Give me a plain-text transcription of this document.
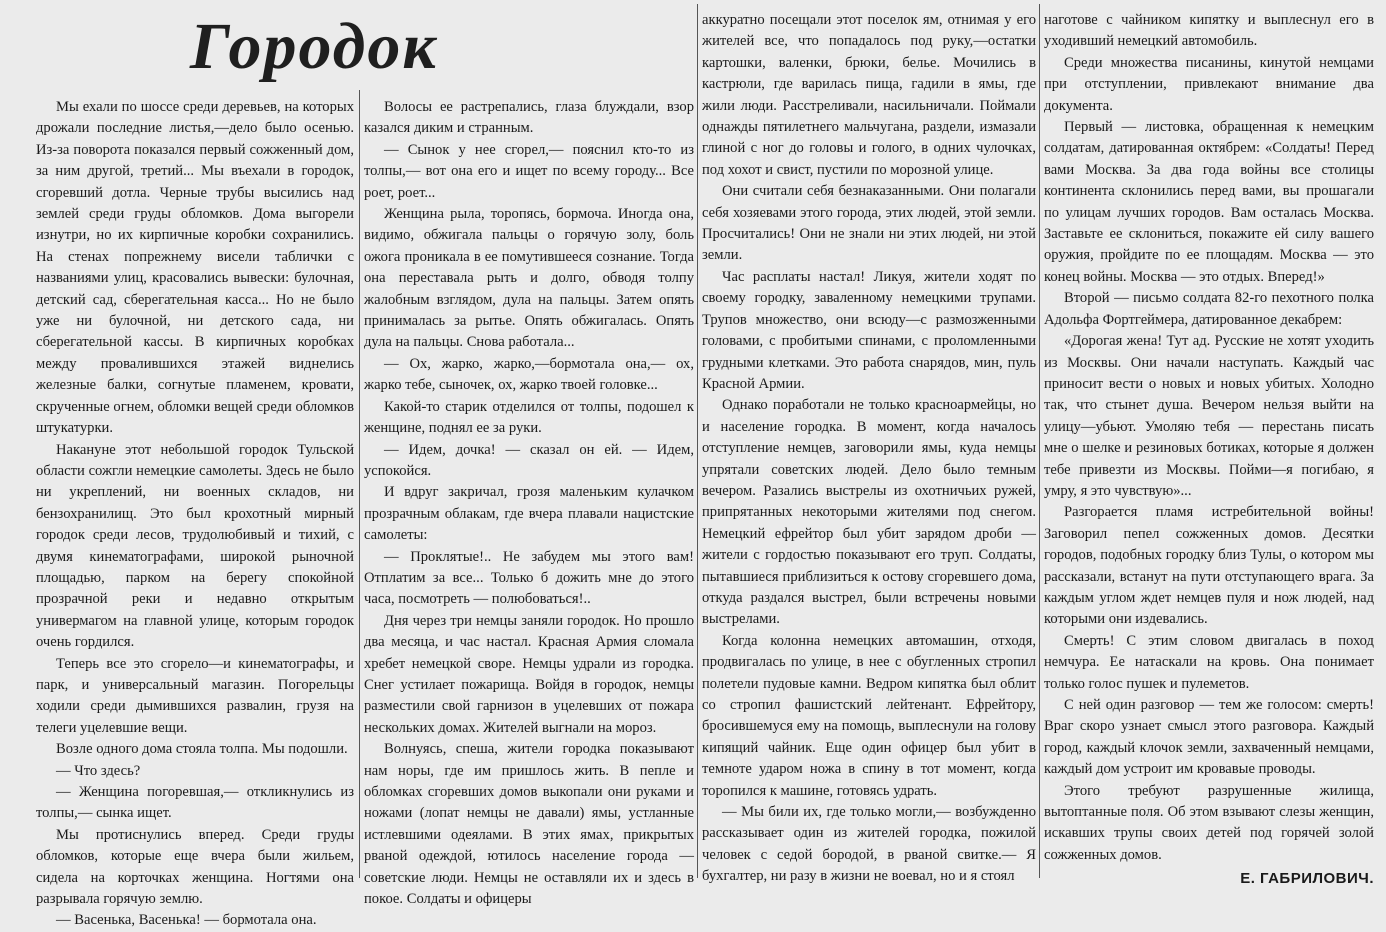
Городок

Мы ехали по шоссе среди деревьев, на которых дрожали последние листья,—дело было осенью. Из-за поворота показался первый сожженный дом, за ним другой, третий... Мы въехали в городок, сгоревший дотла. Черные трубы высились над землей среди груды обломков. Дома выгорели изнутри, но их кирпичные коробки сохранились. На стенах попрежнему висели таблички с названиями улиц, красовались вывески: булочная, детский сад, сберегательная касса... Но не было уже ни булочной, ни детского сада, ни сберегательной кассы. В кирпичных коробках между провалившихся этажей виднелись железные балки, согнутые пламенем, кровати, скрученные огнем, обломки вещей среди обломков штукатурки.

Накануне этот небольшой городок Тульской области сожгли немецкие самолеты. Здесь не было ни укреплений, ни военных складов, ни бензохранилищ. Это был крохотный мирный городок среди лесов, трудолюбивый и тихий, с двумя кинематографами, широкой рыночной площадью, парком на берегу спокойной прозрачной реки и недавно открытым универмагом на главной улице, которым городок очень гордился.

Теперь все это сгорело—и кинематографы, и парк, и универсальный магазин. Погорельцы ходили среди дымившихся развалин, грузя на телеги уцелевшие вещи.

Возле одного дома стояла толпа. Мы подошли.

— Что здесь?

— Женщина погоревшая,— откликнулись из толпы,— сынка ищет.

Мы протиснулись вперед. Среди груды обломков, которые еще вчера были жильем, сидела на корточках женщина. Ногтями она разрывала горячую землю.

— Васенька, Васенька! — бормотала она.

Волосы ее растрепались, глаза блуждали, взор казался диким и странным.

— Сынок у нее сгорел,— пояснил кто-то из толпы,— вот она его и ищет по всему городу... Все роет, роет...

Женщина рыла, торопясь, бормоча. Иногда она, видимо, обжигала пальцы о горячую золу, боль ожога проникала в ее помутившееся сознание. Тогда она переставала рыть и долго, обводя толпу жалобным взглядом, дула на пальцы. Затем опять принималась за рытье. Опять обжигалась. Опять дула на пальцы. Снова работала...

— Ох, жарко, жарко,—бормотала она,— ох, жарко тебе, сыночек, ох, жарко твоей головке...

Какой-то старик отделился от толпы, подошел к женщине, поднял ее за руки.

— Идем, дочка! — сказал он ей. — Идем, успокойся.

И вдруг закричал, грозя маленьким кулачком прозрачным облакам, где вчера плавали нацистские самолеты:

— Проклятые!.. Не забудем мы этого вам! Отплатим за все... Только б дожить мне до этого часа, посмотреть — полюбоваться!..

Дня через три немцы заняли городок. Но прошло два месяца, и час настал. Красная Армия сломала хребет немецкой своре. Немцы удрали из городка. Снег устилает пожарища. Войдя в городок, немцы разместили свой гарнизон в уцелевших от пожара нескольких домах. Жителей выгнали на мороз.

Волнуясь, спеша, жители городка показывают нам норы, где им пришлось жить. В пепле и обломках сгоревших домов выкопали они руками и ножами (лопат немцы не давали) ямы, устланные истлевшими одеялами. В этих ямах, прикрытых рваной одеждой, ютилось население города — советские люди. Немцы не оставляли их и здесь в покое. Солдаты и офицеры

аккуратно посещали этот поселок ям, отнимая у его жителей все, что попадалось под руку,—остатки картошки, валенки, брюки, белье. Мочились в кастрюли, где варилась пища, гадили в ямы, где жили люди. Расстреливали, насильничали. Поймали однажды пятилетнего мальчугана, раздели, измазали глиной с ног до головы и голого, в одних чулочках, под хохот и свист, пустили по морозной улице.

Они считали себя безнаказанными. Они полагали себя хозяевами этого города, этих людей, этой земли. Просчитались! Они не знали ни этих людей, ни этой земли.

Час расплаты настал! Ликуя, жители ходят по своему городку, заваленному немецкими трупами. Трупов множество, они всюду—с размозженными головами, с пробитыми спинами, с проломленными грудными клетками. Это работа снарядов, мин, пуль Красной Армии.

Однако поработали не только красноармейцы, но и население городка. В момент, когда началось отступление немцев, заговорили ямы, куда немцы упрятали советских людей. Дело было темным вечером. Разались выстрелы из охотничьих ружей, припрятанных некоторыми жителями под снегом. Немецкий ефрейтор был убит зарядом дроби — жители с гордостью показывают его труп. Солдаты, пытавшиеся приблизиться к остову сгоревшего дома, откуда раздался выстрел, были встречены новыми выстрелами.

Когда колонна немецких автомашин, отходя, продвигалась по улице, в нее с обугленных стропил полетели пудовые камни. Ведром кипятка был облит со стропил фашистский лейтенант. Ефрейтору, бросившемуся ему на помощь, выплеснули на голову кипящий чайник. Еще один офицер был убит в темноте ударом ножа в спину в тот момент, когда торопился к машине, готовясь удрать.

— Мы били их, где только могли,— возбужденно рассказывает один из жителей городка, пожилой человек с седой бородой, в рваной свитке.— Я бухгалтер, ни разу в жизни не воевал, но и я стоял

наготове с чайником кипятку и выплеснул его в уходивший немецкий автомобиль.

Среди множества писанины, кинутой немцами при отступлении, привлекают внимание два документа.

Первый — листовка, обращенная к немецким солдатам, датированная октябрем: «Солдаты! Перед вами Москва. За два года войны все столицы континента склонились перед вами, вы прошагали по улицам лучших городов. Вам осталась Москва. Заставьте ее склониться, покажите ей силу вашего оружия, пройдите по ее площадям. Москва — это конец войны. Москва — это отдых. Вперед!»

Второй — письмо солдата 82-го пехотного полка Адольфа Фортгеймера, датированное декабрем:

«Дорогая жена! Тут ад. Русские не хотят уходить из Москвы. Они начали наступать. Каждый час приносит вести о новых и новых убитых. Холодно так, что стынет душа. Вечером нельзя выйти на улицу—убьют. Умоляю тебя — перестань писать мне о шелке и резиновых ботиках, которые я должен тебе привезти из Москвы. Пойми—я погибаю, я умру, я это чувствую»...

Разгорается пламя истребительной войны! Заговорил пепел сожженных домов. Десятки городов, подобных городку близ Тулы, о котором мы рассказали, встанут на пути отступающего врага. За каждым углом ждет немцев пуля и нож людей, над которыми они издевались.

Смерть! С этим словом двигалась в поход немчура. Ее натаскали на кровь. Она понимает только голос пушек и пулеметов.

С ней один разговор — тем же голосом: смерть! Враг скоро узнает смысл этого разговора. Каждый город, каждый клочок земли, захваченный немцами, каждый дом устроит им кровавые проводы.

Этого требуют разрушенные жилища, вытоптанные поля. Об этом взывают слезы женщин, искавших трупы своих детей под горячей золой сожженных домов.

Е. ГАБРИЛОВИЧ.
